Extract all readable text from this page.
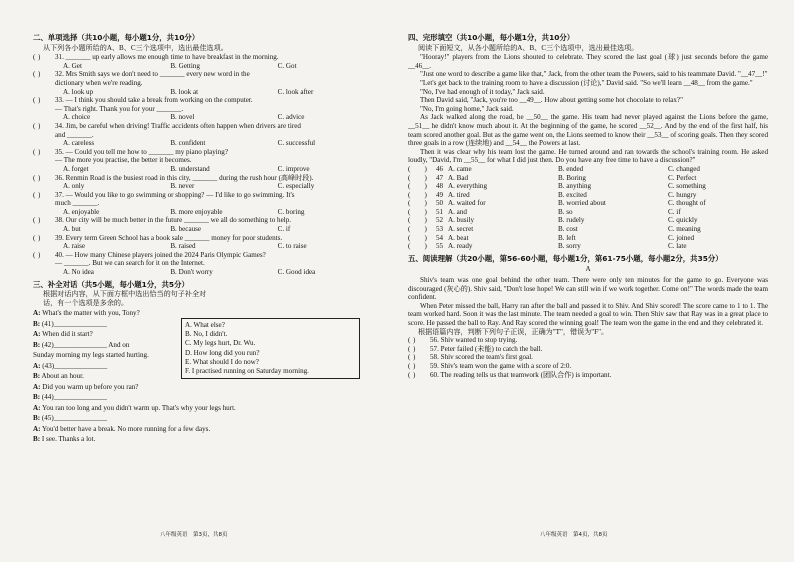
二、单项选择（共10小题，每小题1分，共10分）
从下列各小题所给的A、B、C三个选项中，选出最佳选项。
( )	31. _______ up early allows me enough time to have breakfast in the morning.
A. Get	B. Getting	C. Got
( )	32. Mrs Smith says we don't need to _______ every new word in the
dictionary when we're reading.
A. look up	B. look at	C. look after
( )	33. — I think you should take a break from working on the computer.
— That's right. Thank you for your _______.
A. choice	B. novel	C. advice
( )	34. Jim, be careful when driving! Traffic accidents often happen when drivers are tired
and _______.
A. careless	B. confident	C. successful
( )	35. — Could you tell me how to _______ my piano playing?
— The more you practise, the better it becomes.
A. forget	B. understand	C. improve
( )	36. Renmin Road is the busiest road in this city, _______ during the rush hour (高峰时段).
A. only	B. never	C. especially
( )	37. — Would you like to go swimming or shopping? — I'd like to go swimming. It's
much _______.
A. enjoyable	B. more enjoyable	C. boring
( )	38. Our city will be much better in the future _______ we all do something to help.
A. but	B. because	C. if
( )	39. Every term Green School has a book sale _______ money for poor students.
A. raise	B. raised	C. to raise
( )	40. — How many Chinese players joined the 2024 Paris Olympic Games?
— _______. But we can search for it on the Internet.
A. No idea	B. Don't worry	C. Good idea
三、补全对话（共5小题，每小题1分，共5分）
根据对话内容，从下面方框中选出恰当的句子补全对话，有一个选项是多余的。
A: What's the matter with you, Tony?
B: (41)_______________
A: When did it start?
B: (42)_______________ And on
Sunday morning my legs started hurting.
A: (43)_______________
B: About an hour.
A: Did you warm up before you ran?
B: (44)_______________
A: You ran too long and you didn't warm up. That's why your legs hurt.
B: (45)_______________
A: You'd better have a break. No more running for a few days.
B: I see. Thanks a lot.
A. What else?
B. No, I didn't.
C. My legs hurt, Dr. Wu.
D. How long did you run?
E. What should I do now?
F. I practised running on Saturday morning.
八年级英语　第3页，共8页
四、完形填空（共10小题，每小题1分，共10分）
阅读下面短文，从各小题所给的A、B、C三个选项中，选出最佳选项。

"Hooray!" players from the Lions shouted to celebrate. They scored the last goal (球) just seconds before the game __46__.

"Just one word to describe a game like that," Jack, from the other team the Powers, said to his teammate David. "__47__!"

"Let's get back to the training room to have a discussion (讨论)," David said. "So we'll learn __48__ from the game."

"No, I've had enough of it today," Jack said.

Then David said, "Jack, you're too __49__. How about getting some hot chocolate to relax?"

"No, I'm going home," Jack said.

As Jack walked along the road, he __50__ the game. His team had never played against the Lions before the game, __51__ he didn't know much about it. At the beginning of the game, he scored __52__. And by the end of the first half, his team scored another goal. But as the game went on, the Lions seemed to know their __53__ of scoring goals. Then they scored three goals in a row (连续地) and __54__ the Powers at last.

Then it was clear why his team lost the game. He turned around and ran towards the school's training room. He asked loudly, "David, I'm __55__ for what I did just then. Do you have any free time to have a discussion?"

(　　)	46	A. came	B. ended	C. changed
(　　)	47	A. Bad	B. Boring	C. Perfect
(　　)	48	A. everything	B. anything	C. something
(　　)	49	A. tired	B. excited	C. hungry
(　　)	50	A. waited for	B. worried about	C. thought of
(　　)	51	A. and	B. so	C. if
(　　)	52	A. busily	B. rudely	C. quickly
(　　)	53	A. secret	B. cost	C. meaning
(　　)	54	A. beat	B. left	C. joined
(　　)	55	A. ready	B. sorry	C. late
五、阅读理解（共20小题，第56-60小题，每小题1分，第61-75小题，每小题2分，共35分）
A

Shiv's team was one goal behind the other team. There were only ten minutes for the game to go. Everyone was discouraged (灰心的). Shiv said, "Don't lose hope! We can still win if we work together. Come on!" The words made the team confident.

When Peter missed the ball, Harry ran after the ball and passed it to Shiv. And Shiv scored! The score came to 1 to 1. The team worked hard. Soon it was the last minute. The team needed a goal to win. Then Shiv saw that Ray was in a great place to score. He passed the ball to Ray. And Ray scored the winning goal! The team won the game in the end and they celebrated it.

根据语篇内容，判断下列句子正误，正确为"T"，错误为"F"。
( )	56. Shiv wanted to stop trying.
( )	57. Peter failed (未能) to catch the ball.
( )	58. Shiv scored the team's first goal.
( )	59. Shiv's team won the game with a score of 2:0.
( )	60. The reading tells us that teamwork (团队合作) is important.
八年级英语　第4页，共8页
